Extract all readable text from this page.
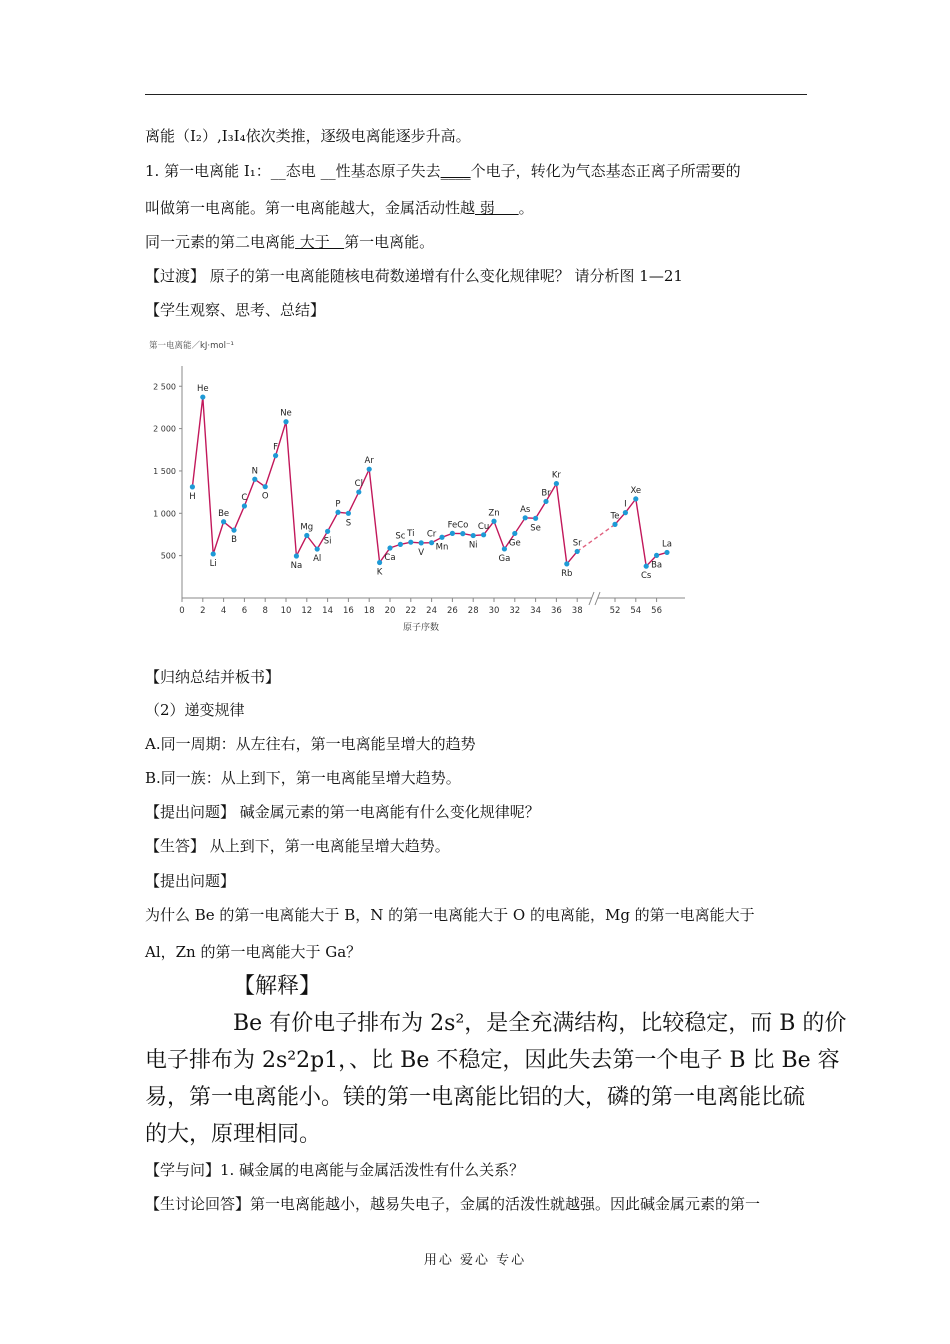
离能（I₂）,I₃I₄依次类推，逐级电离能逐步升高。
1. 第一电离能 I₁：__态电 __性基态原子失去____个电子，转化为气态基态正离子所需要的
叫做第一电离能。第一电离能越大，金属活动性越 弱     。
同一元素的第二电离能 大于   第一电离能。
【过渡】 原子的第一电离能随核电荷数递增有什么变化规律呢？ 请分析图 1—21
【学生观察、思考、总结】
第一电离能／kJ·mol⁻¹
500
1 000
1 500
2 000
2 500
0 2 4 6 8 10 12 14 16 18 20 22 24 26 28 30 32 34 36 38	52 54 56
H
He
Li
Be
B
C
N
O
F
Ne
Na
Mg
Al
Si
P
S
Cl
Ar
K
Ca
Sc Ti
V
Cr
Mn
Fe Co
Ni
Cu
Zn
Ga
Ge
As
Se
Br
Kr
Rb
Sr
Te
I
Xe
Cs
Ba
La
原子序数
【归纳总结并板书】
（2）递变规律
A.同一周期：从左往右，第一电离能呈增大的趋势
B.同一族：从上到下，第一电离能呈增大趋势。
【提出问题】 碱金属元素的第一电离能有什么变化规律呢？
【生答】 从上到下，第一电离能呈增大趋势。
【提出问题】
为什么 Be 的第一电离能大于 B，N 的第一电离能大于 O 的电离能，Mg 的第一电离能大于
Al，Zn 的第一电离能大于 Ga？
【解释】
Be 有价电子排布为 2s²，是全充满结构，比较稳定，而 B 的价
电子排布为 2s²2p1，、比 Be 不稳定，因此失去第一个电子 B 比 Be 容
易，第一电离能小。镁的第一电离能比铝的大，磷的第一电离能比硫
的大，原理相同。
【学与问】1. 碱金属的电离能与金属活泼性有什么关系？
【生讨论回答】第一电离能越小，越易失电子，金属的活泼性就越强。因此碱金属元素的第一
用心 爱心 专心
